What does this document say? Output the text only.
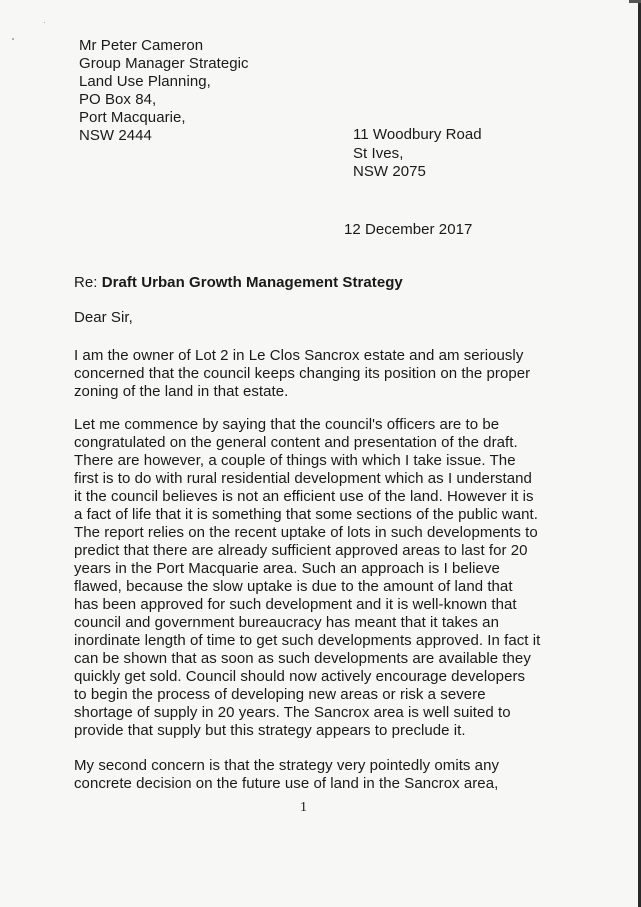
Mr Peter Cameron
Group Manager Strategic
Land Use Planning,
PO Box 84,
Port Macquarie,
NSW 2444	11 Woodbury Road
St Ives,
NSW 2075
12 December 2017
Re: Draft Urban Growth Management Strategy
Dear Sir,
I am the owner of Lot 2 in Le Clos Sancrox estate and am seriously
concerned that the council keeps changing its position on the proper
zoning of the land in that estate.
Let me commence by saying that the council's officers are to be
congratulated on the general content and presentation of the draft.
There are however, a couple of things with which I take issue. The
first is to do with rural residential development which as I understand
it the council believes is not an efficient use of the land. However it is
a fact of life that it is something that some sections of the public want.
The report relies on the recent uptake of lots in such developments to
predict that there are already sufficient approved areas to last for 20
years in the Port Macquarie area. Such an approach is I believe
flawed, because the slow uptake is due to the amount of land that
has been approved for such development and it is well-known that
council and government bureaucracy has meant that it takes an
inordinate length of time to get such developments approved. In fact it
can be shown that as soon as such developments are available they
quickly get sold. Council should now actively encourage developers
to begin the process of developing new areas or risk a severe
shortage of supply in 20 years. The Sancrox area is well suited to
provide that supply but this strategy appears to preclude it.
My second concern is that the strategy very pointedly omits any
concrete decision on the future use of land in the Sancrox area,
1
